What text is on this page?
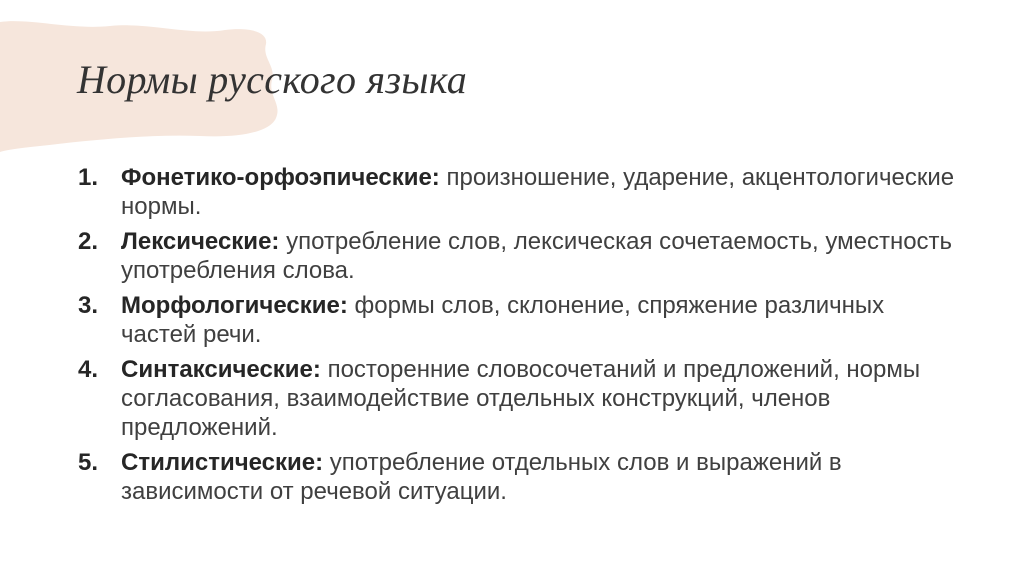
Нормы русского языка
1. Фонетико-орфоэпические: произношение, ударение, акцентологические нормы.
2. Лексические: употребление слов, лексическая сочетаемость, уместность употребления слова.
3. Морфологические: формы слов, склонение, спряжение различных частей речи.
4. Синтаксические: посторенние словосочетаний и предложений, нормы согласования, взаимодействие отдельных конструкций, членов предложений.
5. Стилистические: употребление отдельных слов и выражений в зависимости от речевой ситуации.
